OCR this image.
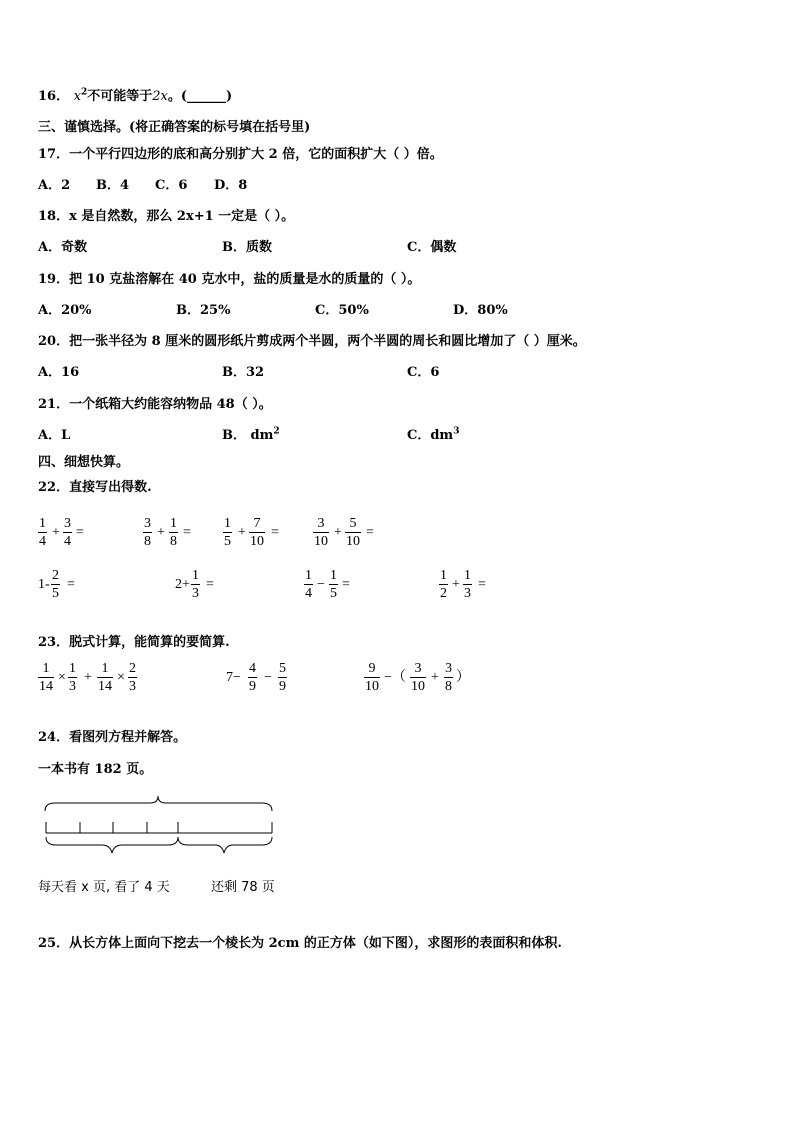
16． $x^2$不可能等于2x。(______)
三、谨慎选择。(将正确答案的标号填在括号里)
17．一个平行四边形的底和高分别扩大 2 倍，它的面积扩大（ ）倍。
A．2 B．4 C．6 D．8
18．x 是自然数，那么 2x+1 一定是（ ）。
A．奇数	B．质数	C．偶数
19．把 10 克盐溶解在 40 克水中，盐的质量是水的质量的（ ）。
A．20%	B．25%	C．50%	D．80%
20．把一张半径为 8 厘米的圆形纸片剪成两个半圆，两个半圆的周长和圆比增加了（ ）厘米。
A．16	B．32	C．6
21．一个纸箱大约能容纳物品 48（ ）。
A．L	B． $dm^2$	C．$dm^3$
四、细想快算。
22．直接写出得数.
1
4
+
3
4
=
3
8
+
1
8
=
1
5
+
7
10
=
3
10
+
5
10
=
1-
2
5
=	2+
1
3
=
1
4
−
1
5
=
1
2
+
1
3
=
23．脱式计算，能简算的要简算.
1
14
×
1
3
+
1
14
×
2
3
7−
4
9
−
5
9
9
10
−（
3
10
+
3
8
）
24．看图列方程并解答。
一本书有 182 页。
每天看 x 页, 看了 4 天	还剩 78 页
25．从长方体上面向下挖去一个棱长为 2cm 的正方体（如下图），求图形的表面积和体积.
